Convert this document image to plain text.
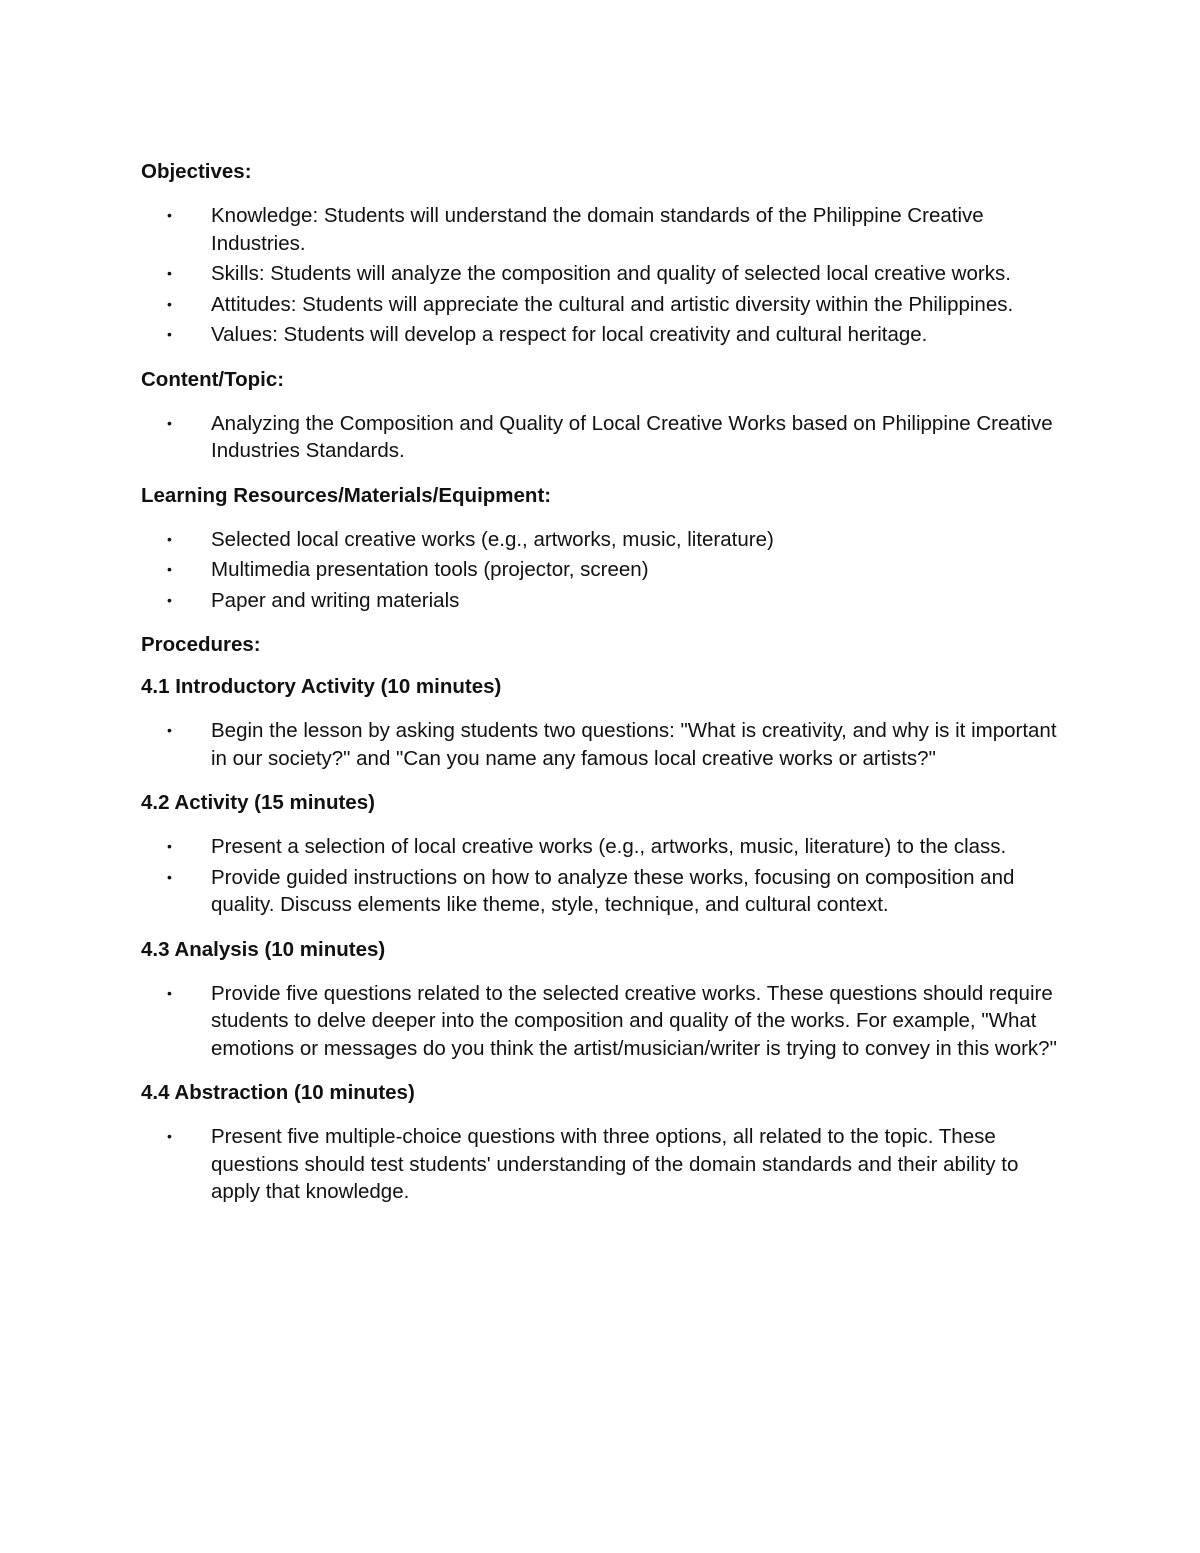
Objectives:

• Knowledge: Students will understand the domain standards of the Philippine Creative Industries.
• Skills: Students will analyze the composition and quality of selected local creative works.
• Attitudes: Students will appreciate the cultural and artistic diversity within the Philippines.
• Values: Students will develop a respect for local creativity and cultural heritage.

Content/Topic:

• Analyzing the Composition and Quality of Local Creative Works based on Philippine Creative Industries Standards.

Learning Resources/Materials/Equipment:

• Selected local creative works (e.g., artworks, music, literature)
• Multimedia presentation tools (projector, screen)
• Paper and writing materials

Procedures:

4.1 Introductory Activity (10 minutes)

• Begin the lesson by asking students two questions: "What is creativity, and why is it important in our society?" and "Can you name any famous local creative works or artists?"

4.2 Activity (15 minutes)

• Present a selection of local creative works (e.g., artworks, music, literature) to the class.
• Provide guided instructions on how to analyze these works, focusing on composition and quality. Discuss elements like theme, style, technique, and cultural context.

4.3 Analysis (10 minutes)

• Provide five questions related to the selected creative works. These questions should require students to delve deeper into the composition and quality of the works. For example, "What emotions or messages do you think the artist/musician/writer is trying to convey in this work?"

4.4 Abstraction (10 minutes)

• Present five multiple-choice questions with three options, all related to the topic. These questions should test students' understanding of the domain standards and their ability to apply that knowledge.
